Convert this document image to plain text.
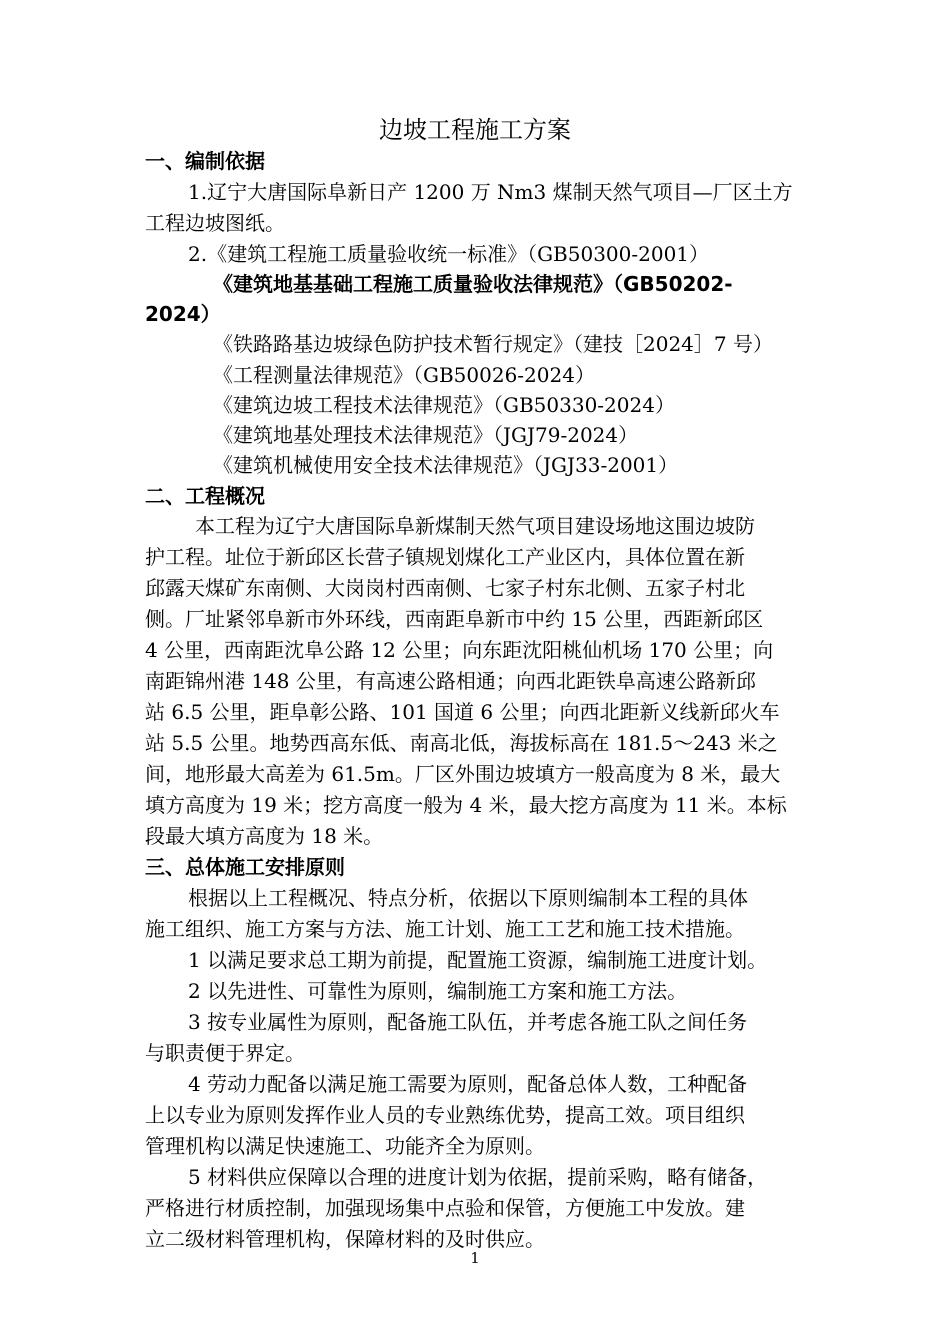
边坡工程施工方案
一、编制依据
1.辽宁大唐国际阜新日产 1200 万 Nm3 煤制天然气项目—厂区土方
工程边坡图纸。
2.《建筑工程施工质量验收统一标准》（GB50300-2001）
《建筑地基基础工程施工质量验收法律规范》（GB50202-
2024）
《铁路路基边坡绿色防护技术暂行规定》（建技［2024］7 号）
《工程测量法律规范》（GB50026-2024）
《建筑边坡工程技术法律规范》（GB50330-2024）
《建筑地基处理技术法律规范》（JGJ79-2024）
《建筑机械使用安全技术法律规范》（JGJ33-2001）
二、工程概况
本工程为辽宁大唐国际阜新煤制天然气项目建设场地这围边坡防
护工程。址位于新邱区长营子镇规划煤化工产业区内，具体位置在新
邱露天煤矿东南侧、大岗岗村西南侧、七家子村东北侧、五家子村北
侧。厂址紧邻阜新市外环线，西南距阜新市中约 15 公里，西距新邱区
4 公里，西南距沈阜公路 12 公里；向东距沈阳桃仙机场 170 公里；向
南距锦州港 148 公里，有高速公路相通；向西北距铁阜高速公路新邱
站 6.5 公里，距阜彰公路、101 国道 6 公里；向西北距新义线新邱火车
站 5.5 公里。地势西高东低、南高北低，海拔标高在 181.5～243 米之
间，地形最大高差为 61.5m。厂区外围边坡填方一般高度为 8 米，最大
填方高度为 19 米；挖方高度一般为 4 米，最大挖方高度为 11 米。本标
段最大填方高度为 18 米。
三、总体施工安排原则
根据以上工程概况、特点分析，依据以下原则编制本工程的具体
施工组织、施工方案与方法、施工计划、施工工艺和施工技术措施。
1 以满足要求总工期为前提，配置施工资源，编制施工进度计划。
2 以先进性、可靠性为原则，编制施工方案和施工方法。
3 按专业属性为原则，配备施工队伍，并考虑各施工队之间任务
与职责便于界定。
4 劳动力配备以满足施工需要为原则，配备总体人数，工种配备
上以专业为原则发挥作业人员的专业熟练优势，提高工效。项目组织
管理机构以满足快速施工、功能齐全为原则。
5 材料供应保障以合理的进度计划为依据，提前采购，略有储备，
严格进行材质控制，加强现场集中点验和保管，方便施工中发放。建
立二级材料管理机构，保障材料的及时供应。
1
